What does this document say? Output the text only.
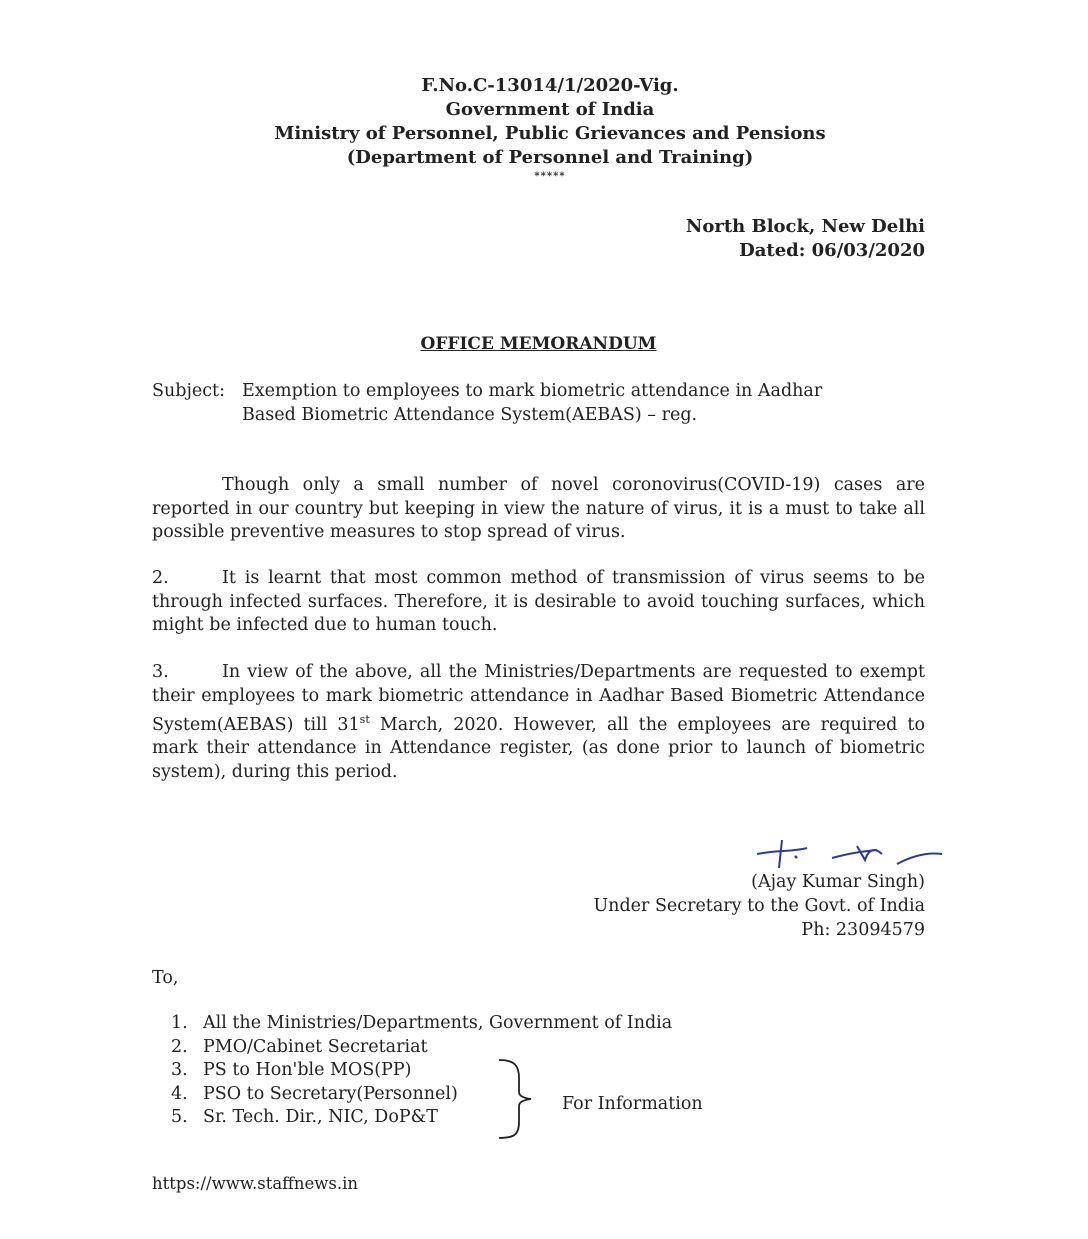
F.No.C-13014/1/2020-Vig.
Government of India
Ministry of Personnel, Public Grievances and Pensions
(Department of Personnel and Training)
*****
North Block, New Delhi
Dated: 06/03/2020
OFFICE MEMORANDUM
Subject: Exemption to employees to mark biometric attendance in Aadhar
Based Biometric Attendance System(AEBAS) – reg.
Though only a small number of novel coronovirus(COVID-19) cases are reported in our country but keeping in view the nature of virus, it is a must to take all possible preventive measures to stop spread of virus.
2.	It is learnt that most common method of transmission of virus seems to be through infected surfaces. Therefore, it is desirable to avoid touching surfaces, which might be infected due to human touch.
3.	In view of the above, all the Ministries/Departments are requested to exempt their employees to mark biometric attendance in Aadhar Based Biometric Attendance System(AEBAS) till 31st March, 2020. However, all the employees are required to mark their attendance in Attendance register, (as done prior to launch of biometric system), during this period.
(Ajay Kumar Singh)
Under Secretary to the Govt. of India
Ph: 23094579
To,
1. All the Ministries/Departments, Government of India
2. PMO/Cabinet Secretariat
3. PS to Hon'ble MOS(PP)
4. PSO to Secretary(Personnel)
5. Sr. Tech. Dir., NIC, DoP&T
For Information
https://www.staffnews.in
